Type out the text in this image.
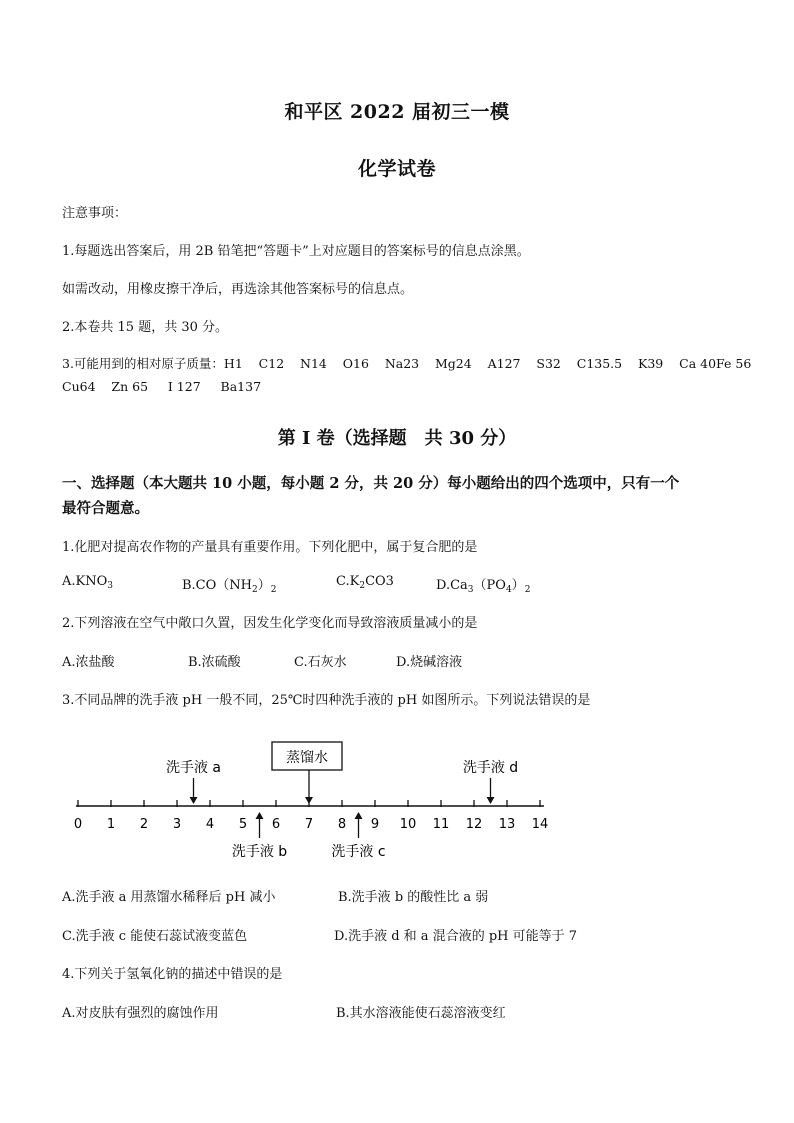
和平区 2022 届初三一模
化学试卷
注意事项：
1.每题选出答案后，用 2B 铅笔把“答题卡”上对应题目的答案标号的信息点涂黑。
如需改动，用橡皮擦干净后，再选涂其他答案标号的信息点。
2.本卷共 15 题，共 30 分。
3.可能用到的相对原子质量：H1    C12    N14    O16    Na23    Mg24    A127    S32    C135.5    K39    Ca 40Fe 56
Cu64    Zn 65     I 127     Ba137
第 I 卷（选择题　共 30 分）
一、选择题（本大题共 10 小题，每小题 2 分，共 20 分）每小题给出的四个选项中，只有一个
最符合题意。
1.化肥对提高农作物的产量具有重要作用。下列化肥中，属于复合肥的是
$A.KNO_3$	$B.CO(NH_2)_2$
$C.K_2CO3$	$D.Ca_3(PO_4)_2$
2.下列溶液在空气中敞口久置，因发生化学变化而导致溶液质量减小的是
A.浓盐酸	B.浓硫酸	C.石灰水	D.烧碱溶液
3.不同品牌的洗手液 pH 一般不同，25℃时四种洗手液的 pH 如图所示。下列说法错误的是
0 1 2 3 4 5 6 7 8 9 10 11 12 13 14
洗手液 a	洗手液 d
洗手液 b	洗手液 c
蒸馏水
A.洗手液 a 用蒸馏水稀释后 pH 减小	B.洗手液 b 的酸性比 a 弱
C.洗手液 c 能使石蕊试液变蓝色	D.洗手液 d 和 a 混合液的 pH 可能等于 7
4.下列关于氢氧化钠的描述中错误的是
A.对皮肤有强烈的腐蚀作用	B.其水溶液能使石蕊溶液变红
